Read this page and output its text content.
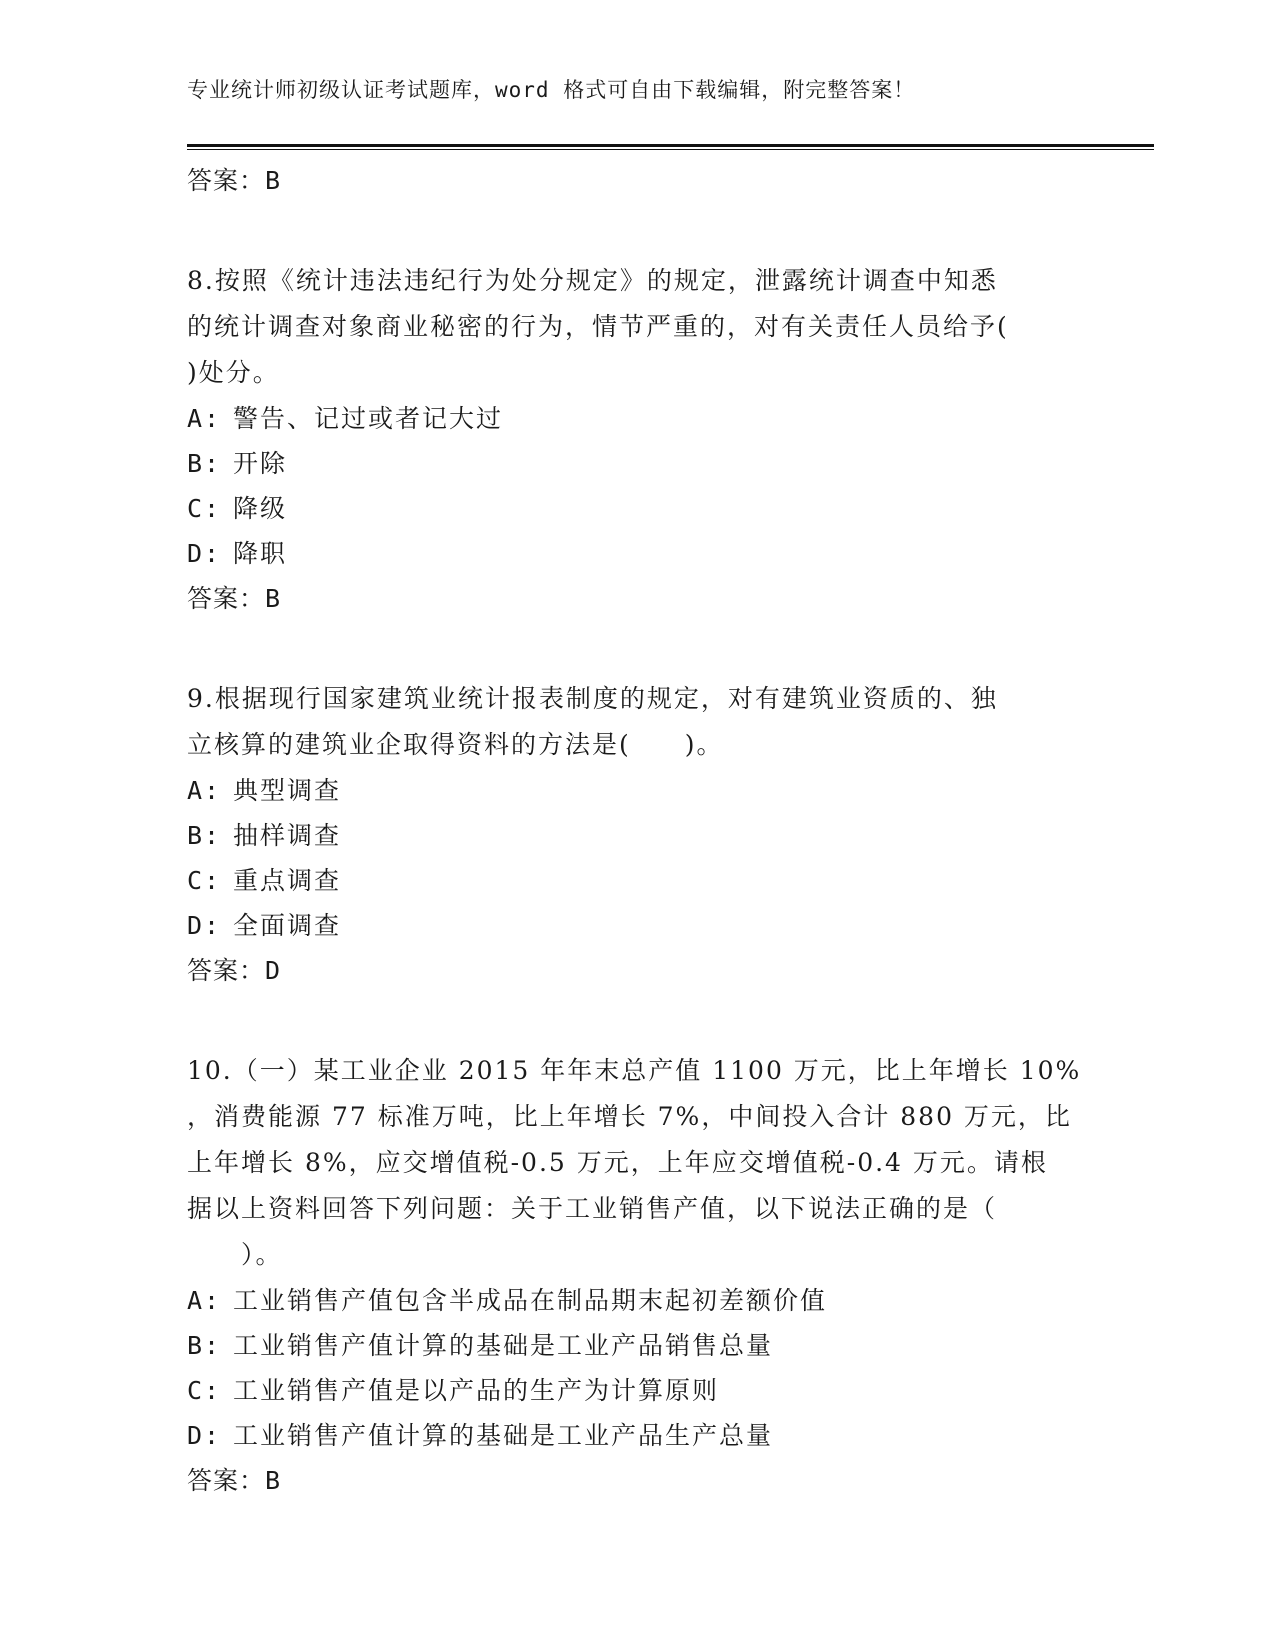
专业统计师初级认证考试题库，word 格式可自由下载编辑，附完整答案！
答案：B

8.按照《统计违法违纪行为处分规定》的规定，泄露统计调查中知悉
的统计调查对象商业秘密的行为，情节严重的，对有关责任人员给予(
)处分。

A: 警告、记过或者记大过
B: 开除
C: 降级
D: 降职
答案：B

9.根据现行国家建筑业统计报表制度的规定，对有建筑业资质的、独
立核算的建筑业企取得资料的方法是(　　)。

A: 典型调查
B: 抽样调查
C: 重点调查
D: 全面调查
答案：D

10.（一）某工业企业 2015 年年末总产值 1100 万元，比上年增长 10%
，消费能源 77 标准万吨，比上年增长 7%，中间投入合计 880 万元，比
上年增长 8%，应交增值税-0.5 万元，上年应交增值税-0.4 万元。请根
据以上资料回答下列问题：关于工业销售产值，以下说法正确的是（
　　）。

A: 工业销售产值包含半成品在制品期末起初差额价值
B: 工业销售产值计算的基础是工业产品销售总量
C: 工业销售产值是以产品的生产为计算原则
D: 工业销售产值计算的基础是工业产品生产总量
答案：B
